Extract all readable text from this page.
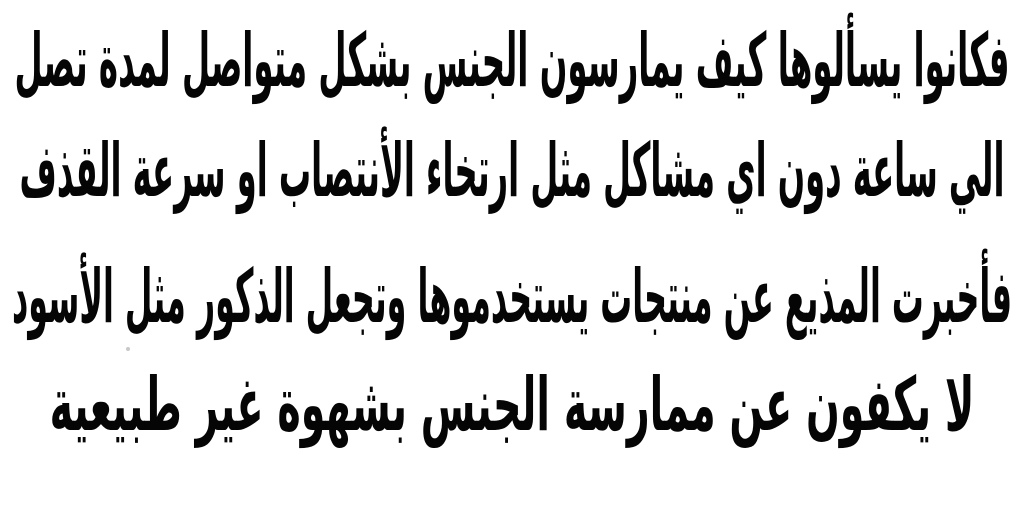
فكانوا يسألوها كيف يمارسون الجنس بشكل متواصل لمدة تصل
الي ساعة دون اي مشاكل مثل ارتخاء الأنتصاب او سرعة القذف
فأخبرت المذيع عن منتجات يستخدموها وتجعل الذكور مثل الأسود
لا يكفون عن ممارسة الجنس بشهوة غير طبيعية
